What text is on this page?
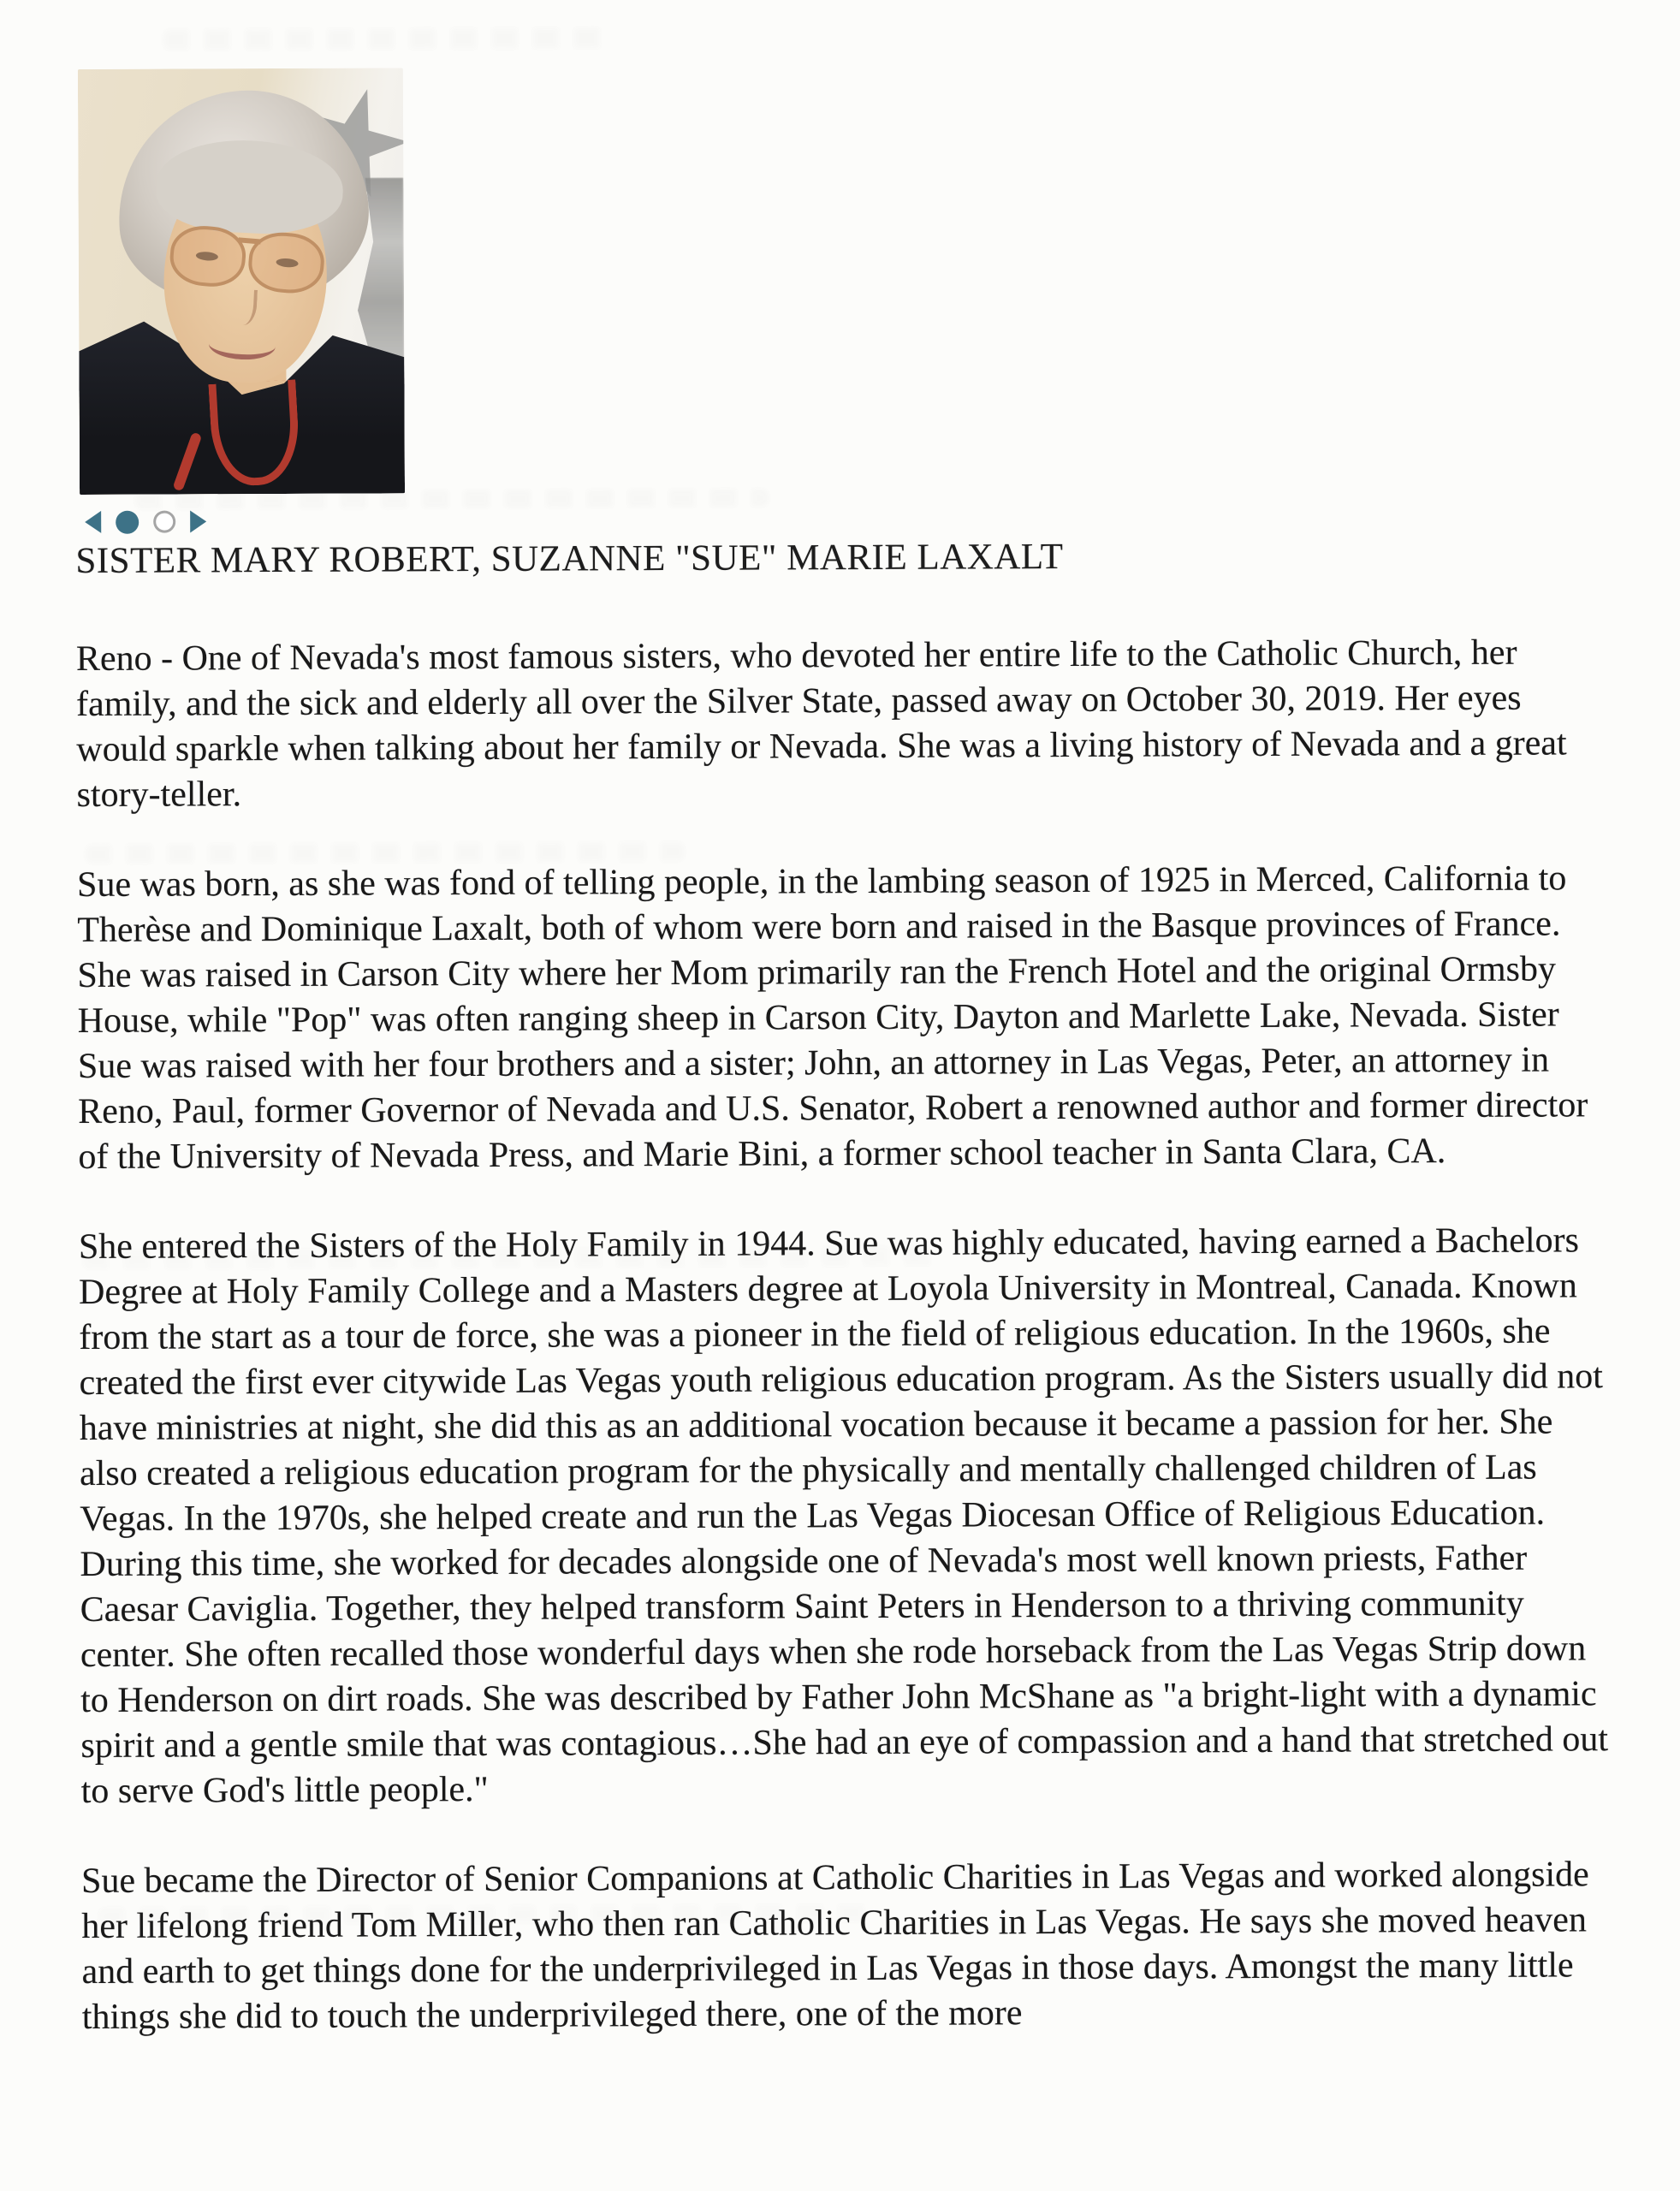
SISTER MARY ROBERT, SUZANNE "SUE" MARIE LAXALT

Reno - One of Nevada's most famous sisters, who devoted her entire life to the Catholic Church, her family, and the sick and elderly all over the Silver State, passed away on October 30, 2019. Her eyes would sparkle when talking about her family or Nevada. She was a living history of Nevada and a great story-teller.

Sue was born, as she was fond of telling people, in the lambing season of 1925 in Merced, California to Therèse and Dominique Laxalt, both of whom were born and raised in the Basque provinces of France. She was raised in Carson City where her Mom primarily ran the French Hotel and the original Ormsby House, while "Pop" was often ranging sheep in Carson City, Dayton and Marlette Lake, Nevada. Sister Sue was raised with her four brothers and a sister; John, an attorney in Las Vegas, Peter, an attorney in Reno, Paul, former Governor of Nevada and U.S. Senator, Robert a renowned author and former director of the University of Nevada Press, and Marie Bini, a former school teacher in Santa Clara, CA.

She entered the Sisters of the Holy Family in 1944. Sue was highly educated, having earned a Bachelors Degree at Holy Family College and a Masters degree at Loyola University in Montreal, Canada. Known from the start as a tour de force, she was a pioneer in the field of religious education. In the 1960s, she created the first ever citywide Las Vegas youth religious education program. As the Sisters usually did not have ministries at night, she did this as an additional vocation because it became a passion for her. She also created a religious education program for the physically and mentally challenged children of Las Vegas. In the 1970s, she helped create and run the Las Vegas Diocesan Office of Religious Education. During this time, she worked for decades alongside one of Nevada's most well known priests, Father Caesar Caviglia. Together, they helped transform Saint Peters in Henderson to a thriving community center. She often recalled those wonderful days when she rode horseback from the Las Vegas Strip down to Henderson on dirt roads. She was described by Father John McShane as "a bright-light with a dynamic spirit and a gentle smile that was contagious…She had an eye of compassion and a hand that stretched out to serve God's little people."

Sue became the Director of Senior Companions at Catholic Charities in Las Vegas and worked alongside her lifelong friend Tom Miller, who then ran Catholic Charities in Las Vegas. He says she moved heaven and earth to get things done for the underprivileged in Las Vegas in those days. Amongst the many little things she did to touch the underprivileged there, one of the more
